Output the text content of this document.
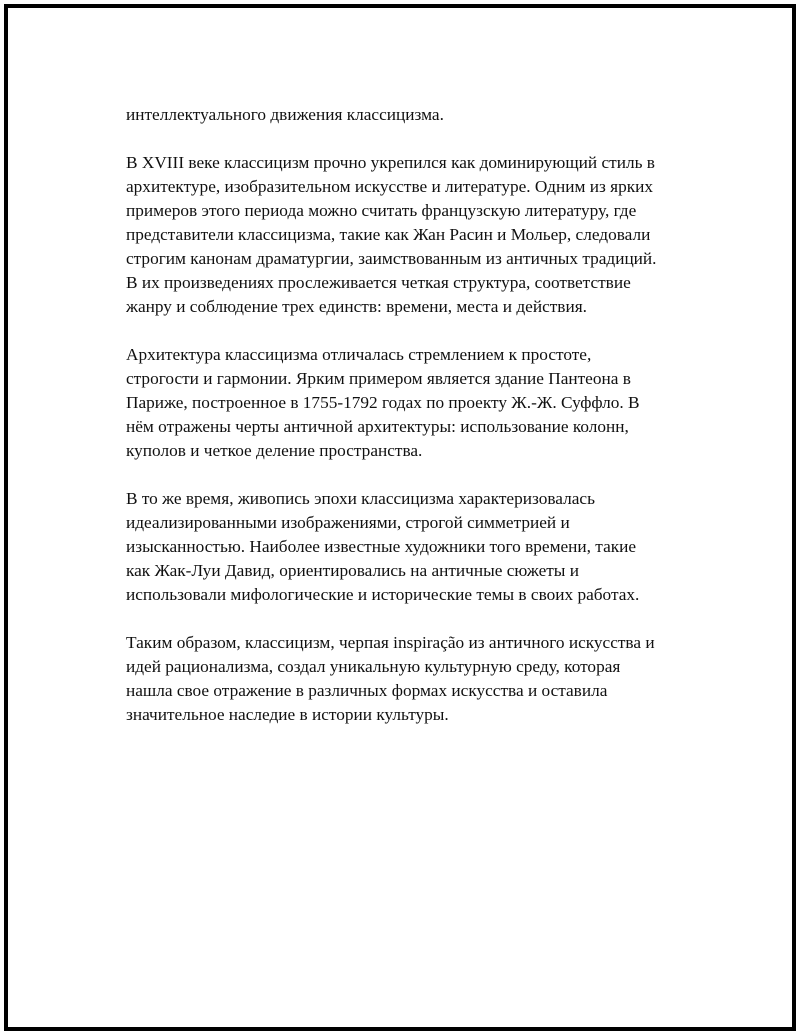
интеллектуального движения классицизма.

В XVIII веке классицизм прочно укрепился как доминирующий стиль в
архитектуре, изобразительном искусстве и литературе. Одним из ярких
примеров этого периода можно считать французскую литературу, где
представители классицизма, такие как Жан Расин и Мольер, следовали
строгим канонам драматургии, заимствованным из античных традиций.
В их произведениях прослеживается четкая структура, соответствие
жанру и соблюдение трех единств: времени, места и действия.

Архитектура классицизма отличалась стремлением к простоте,
строгости и гармонии. Ярким примером является здание Пантеона в
Париже, построенное в 1755-1792 годах по проекту Ж.-Ж. Суффло. В
нём отражены черты античной архитектуры: использование колонн,
куполов и четкое деление пространства.

В то же время, живопись эпохи классицизма характеризовалась
идеализированными изображениями, строгой симметрией и
изысканностью. Наиболее известные художники того времени, такие
как Жак-Луи Давид, ориентировались на античные сюжеты и
использовали мифологические и исторические темы в своих работах.

Таким образом, классицизм, черпая inspiração из античного искусства и
идей рационализма, создал уникальную культурную среду, которая
нашла свое отражение в различных формах искусства и оставила
значительное наследие в истории культуры.
